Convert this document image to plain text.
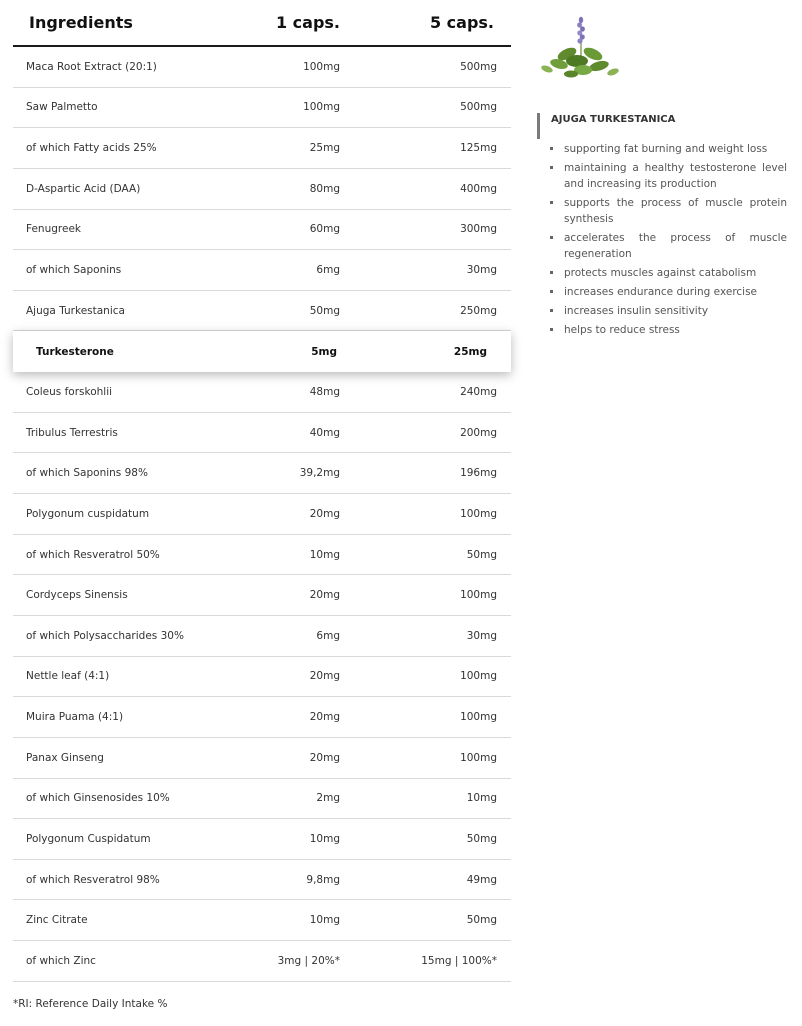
Ingredients	1 caps.	5 caps.
Maca Root Extract (20:1)	100mg	500mg
Saw Palmetto	100mg	500mg
of which Fatty acids 25%	25mg	125mg
D-Aspartic Acid (DAA)	80mg	400mg
Fenugreek	60mg	300mg
of which Saponins	6mg	30mg
Ajuga Turkestanica	50mg	250mg
Turkesterone	5mg	25mg
Coleus forskohlii	48mg	240mg
Tribulus Terrestris	40mg	200mg
of which Saponins 98%	39,2mg	196mg
Polygonum cuspidatum	20mg	100mg
of which Resveratrol 50%	10mg	50mg
Cordyceps Sinensis	20mg	100mg
of which Polysaccharides 30%	6mg	30mg
Nettle leaf (4:1)	20mg	100mg
Muira Puama (4:1)	20mg	100mg
Panax Ginseng	20mg	100mg
of which Ginsenosides 10%	2mg	10mg
Polygonum Cuspidatum	10mg	50mg
of which Resveratrol 98%	9,8mg	49mg
Zinc Citrate	10mg	50mg
of which Zinc	3mg | 20%*	15mg | 100%*
*RI: Reference Daily Intake %
AJUGA TURKESTANICA
supporting fat burning and weight loss
maintaining a healthy testosterone level and increasing its production
supports the process of muscle protein synthesis
accelerates the process of muscle regeneration
protects muscles against catabolism
increases endurance during exercise
increases insulin sensitivity
helps to reduce stress
